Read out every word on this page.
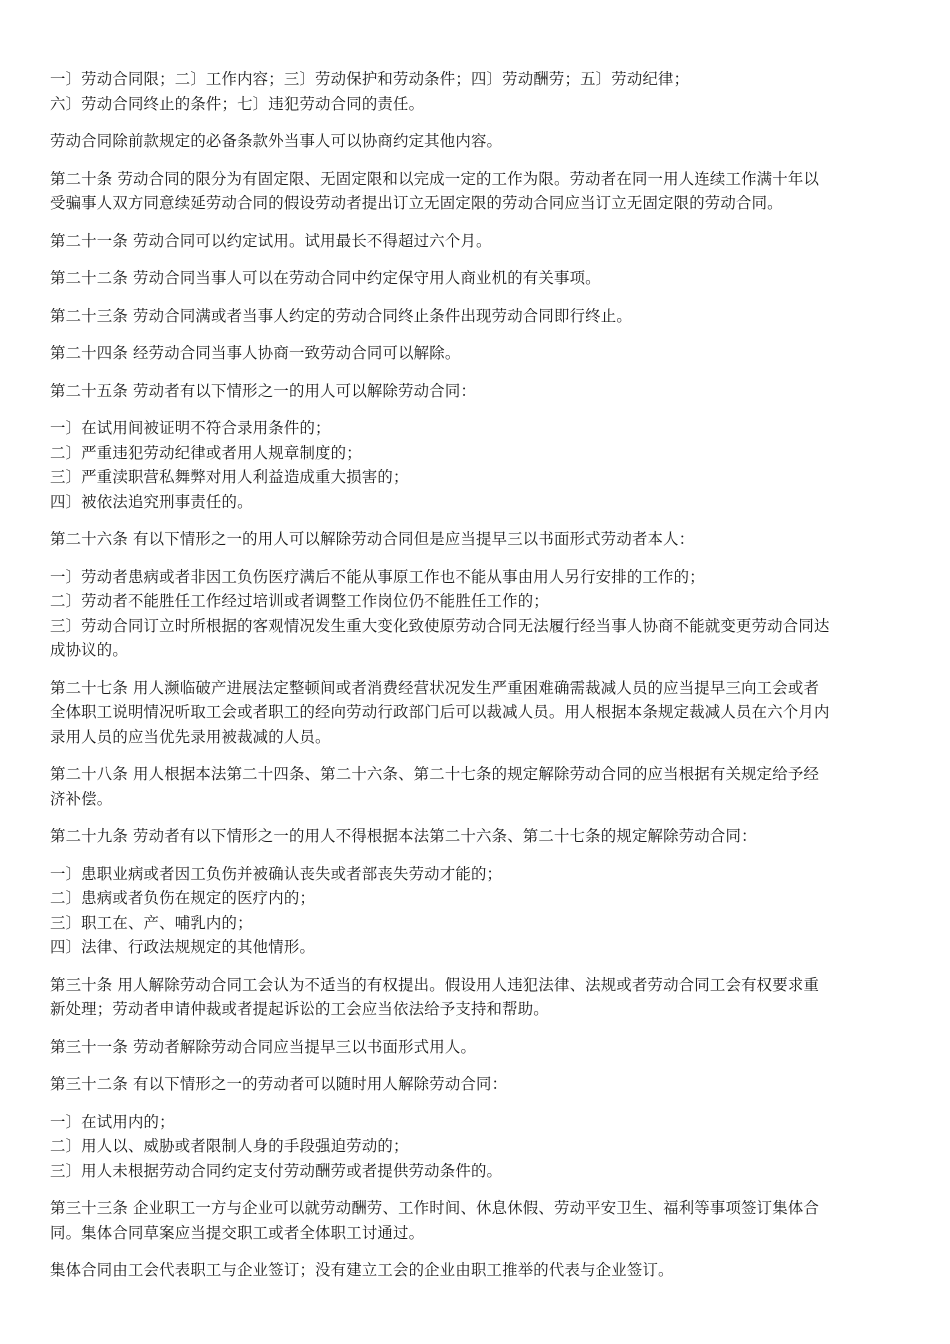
一〕劳动合同限；二〕工作内容；三〕劳动保护和劳动条件；四〕劳动酬劳；五〕劳动纪律；
六〕劳动合同终止的条件；七〕违犯劳动合同的责任。
劳动合同除前款规定的必备条款外当事人可以协商约定其他内容。
第二十条 劳动合同的限分为有固定限、无固定限和以完成一定的工作为限。劳动者在同一用人连续工作满十年以
受骗事人双方同意续延劳动合同的假设劳动者提出订立无固定限的劳动合同应当订立无固定限的劳动合同。
第二十一条 劳动合同可以约定试用。试用最长不得超过六个月。
第二十二条 劳动合同当事人可以在劳动合同中约定保守用人商业机的有关事项。
第二十三条 劳动合同满或者当事人约定的劳动合同终止条件出现劳动合同即行终止。
第二十四条 经劳动合同当事人协商一致劳动合同可以解除。
第二十五条 劳动者有以下情形之一的用人可以解除劳动合同：
一〕在试用间被证明不符合录用条件的；
二〕严重违犯劳动纪律或者用人规章制度的；
三〕严重渎职营私舞弊对用人利益造成重大损害的；
四〕被依法追究刑事责任的。
第二十六条 有以下情形之一的用人可以解除劳动合同但是应当提早三以书面形式劳动者本人：
一〕劳动者患病或者非因工负伤医疗满后不能从事原工作也不能从事由用人另行安排的工作的；
二〕劳动者不能胜任工作经过培训或者调整工作岗位仍不能胜任工作的；
三〕劳动合同订立时所根据的客观情况发生重大变化致使原劳动合同无法履行经当事人协商不能就变更劳动合同达
成协议的。
第二十七条 用人濒临破产进展法定整顿间或者消费经营状况发生严重困难确需裁减人员的应当提早三向工会或者
全体职工说明情况听取工会或者职工的经向劳动行政部门后可以裁减人员。用人根据本条规定裁减人员在六个月内
录用人员的应当优先录用被裁减的人员。
第二十八条 用人根据本法第二十四条、第二十六条、第二十七条的规定解除劳动合同的应当根据有关规定给予经
济补偿。
第二十九条 劳动者有以下情形之一的用人不得根据本法第二十六条、第二十七条的规定解除劳动合同：
一〕患职业病或者因工负伤并被确认丧失或者部丧失劳动才能的；
二〕患病或者负伤在规定的医疗内的；
三〕职工在、产、哺乳内的；
四〕法律、行政法规规定的其他情形。
第三十条 用人解除劳动合同工会认为不适当的有权提出。假设用人违犯法律、法规或者劳动合同工会有权要求重
新处理；劳动者申请仲裁或者提起诉讼的工会应当依法给予支持和帮助。
第三十一条 劳动者解除劳动合同应当提早三以书面形式用人。
第三十二条 有以下情形之一的劳动者可以随时用人解除劳动合同：
一〕在试用内的；
二〕用人以、威胁或者限制人身的手段强迫劳动的；
三〕用人未根据劳动合同约定支付劳动酬劳或者提供劳动条件的。
第三十三条 企业职工一方与企业可以就劳动酬劳、工作时间、休息休假、劳动平安卫生、福利等事项签订集体合
同。集体合同草案应当提交职工或者全体职工讨通过。
集体合同由工会代表职工与企业签订；没有建立工会的企业由职工推举的代表与企业签订。
